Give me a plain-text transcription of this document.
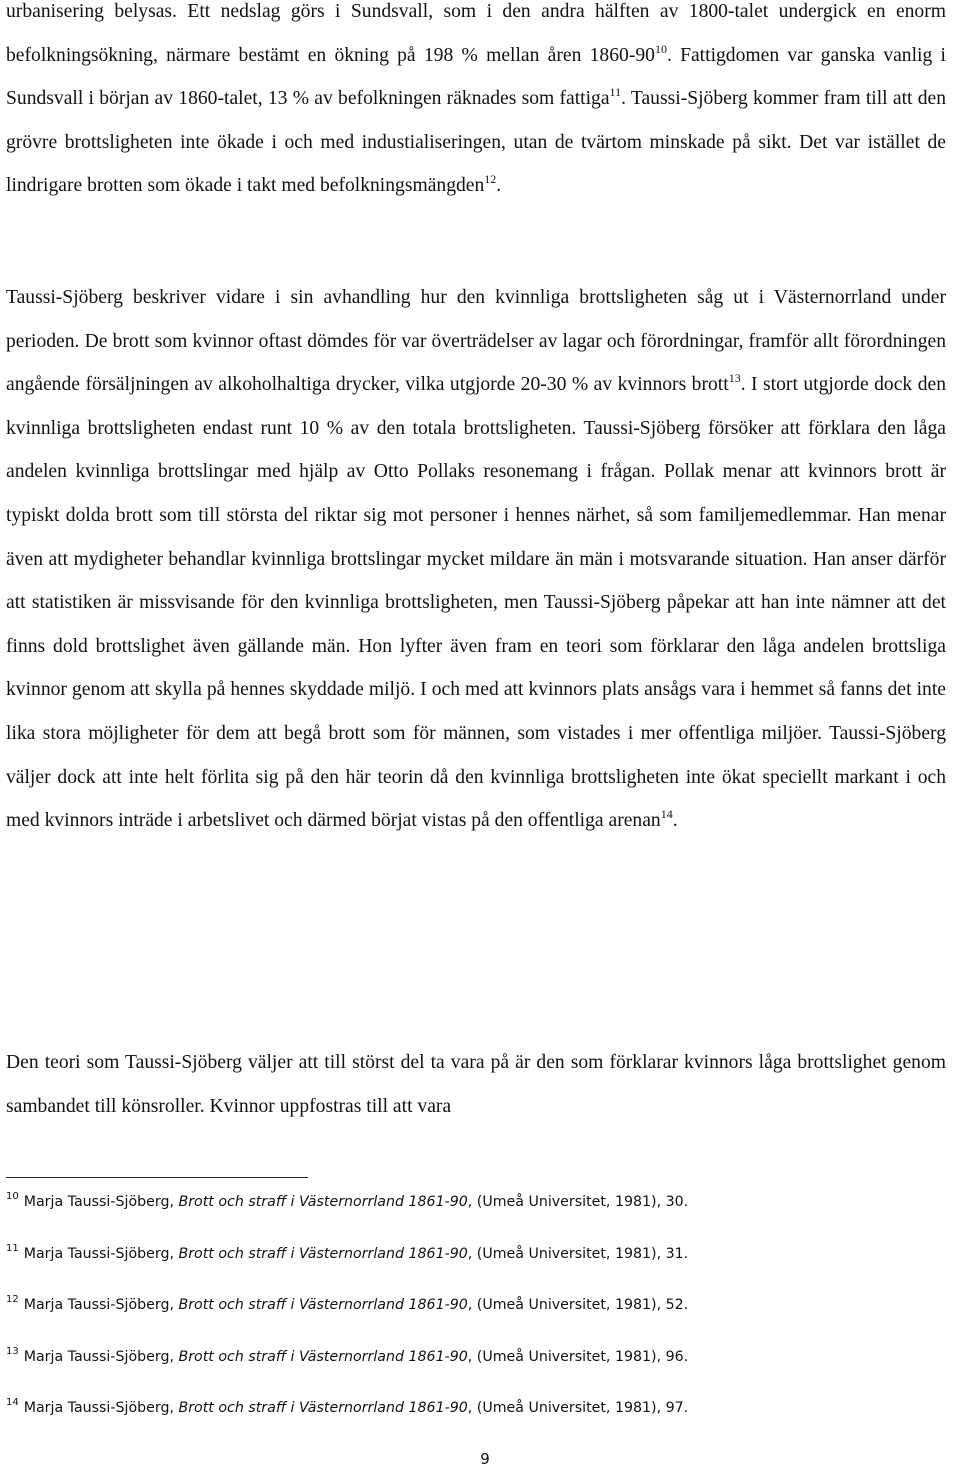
urbanisering belysas. Ett nedslag görs i Sundsvall, som i den andra hälften av 1800-talet undergick en enorm befolkningsökning, närmare bestämt en ökning på 198 % mellan åren $1860-90^{10}$. Fattigdomen var ganska vanlig i Sundsvall i början av 1860-talet, 13 % av befolkningen räknades som fattiga$^{11}$. Taussi-Sjöberg kommer fram till att den grövre brottsligheten inte ökade i och med industialiseringen, utan de tvärtom minskade på sikt. Det var istället de lindrigare brotten som ökade i takt med befolkningsmängden$^{12}$.

Taussi-Sjöberg beskriver vidare i sin avhandling hur den kvinnliga brottsligheten såg ut i Västernorrland under perioden. De brott som kvinnor oftast dömdes för var överträdelser av lagar och förordningar, framför allt förordningen angående försäljningen av alkoholhaltiga drycker, vilka utgjorde 20-30 % av kvinnors brott$^{13}$. I stort utgjorde dock den kvinnliga brottsligheten endast runt 10 % av den totala brottsligheten. Taussi-Sjöberg försöker att förklara den låga andelen kvinnliga brottslingar med hjälp av Otto Pollaks resonemang i frågan. Pollak menar att kvinnors brott är typiskt dolda brott som till största del riktar sig mot personer i hennes närhet, så som familjemedlemmar. Han menar även att mydigheter behandlar kvinnliga brottslingar mycket mildare än män i motsvarande situation. Han anser därför att statistiken är missvisande för den kvinnliga brottsligheten, men Taussi-Sjöberg påpekar att han inte nämner att det finns dold brottslighet även gällande män. Hon lyfter även fram en teori som förklarar den låga andelen brottsliga kvinnor genom att skylla på hennes skyddade miljö. I och med att kvinnors plats ansågs vara i hemmet så fanns det inte lika stora möjligheter för dem att begå brott som för männen, som vistades i mer offentliga miljöer. Taussi-Sjöberg väljer dock att inte helt förlita sig på den här teorin då den kvinnliga brottsligheten inte ökat speciellt markant i och med kvinnors inträde i arbetslivet och därmed börjat vistas på den offentliga arenan$^{14}$.

Den teori som Taussi-Sjöberg väljer att till störst del ta vara på är den som förklarar kvinnors låga brottslighet genom sambandet till könsroller. Kvinnor uppfostras till att vara

$^{10}$ Marja Taussi-Sjöberg, Brott och straff i Västernorrland 1861-90, (Umeå Universitet, 1981), 30.

$^{11}$ Marja Taussi-Sjöberg, Brott och straff i Västernorrland 1861-90, (Umeå Universitet, 1981), 31.

$^{12}$ Marja Taussi-Sjöberg, Brott och straff i Västernorrland 1861-90, (Umeå Universitet, 1981), 52.

$^{13}$ Marja Taussi-Sjöberg, Brott och straff i Västernorrland 1861-90, (Umeå Universitet, 1981), 96.

$^{14}$ Marja Taussi-Sjöberg, Brott och straff i Västernorrland 1861-90, (Umeå Universitet, 1981), 97.

9
